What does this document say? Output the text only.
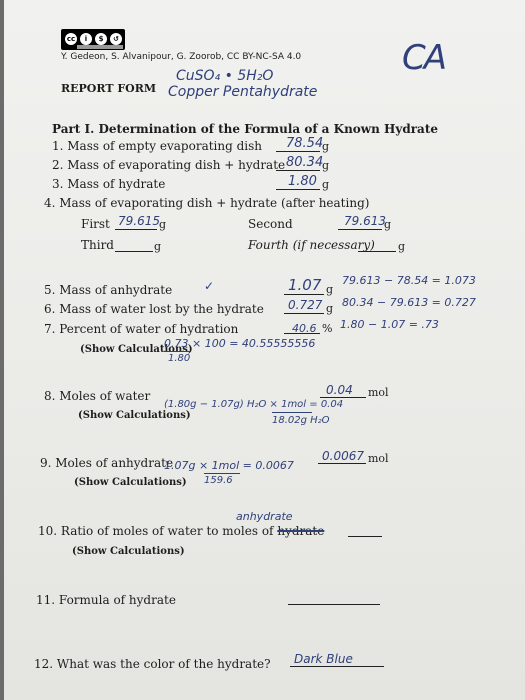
cc	i	$	↺
Y. Gedeon, S. Alvanipour, G. Zoorob, CC BY-NC-SA 4.0	CA
REPORT FORM
CuSO₄ • 5H₂O
Copper Pentahydrate
Part I. Determination of the Formula of a Known Hydrate
1. Mass of empty evaporating dish 78.54
g
2. Mass of evaporating dish + hydrate 80.34
g
3. Mass of hydrate	1.80 g
4. Mass of evaporating dish + hydrate (after heating)
First 79.615 g	Second	79.613
g
Third	g	Fourth (if necessary) g
5. Mass of anhydrate	✓	1.07 g
79.613 − 78.54 = 1.073
6. Mass of water lost by the hydrate 0.727 g 80.34 − 79.613 = 0.727
7. Percent of water of hydration	40.6 % 1.80 − 1.07 = .73
(Show Calculations)
0.73 × 100 = 40.55555556
1.80
8. Moles of water	0.04 mol
(Show Calculations)
(1.80g − 1.07g) H₂O × 1mol = 0.04
18.02g H₂O
9. Moles of anhydrate	0.0067 mol
(Show Calculations)
1.07g × 1mol = 0.0067
159.6
anhydrate
10. Ratio of moles of water to moles of hydrate
(Show Calculations)
11. Formula of hydrate
12. What was the color of the hydrate? Dark Blue
